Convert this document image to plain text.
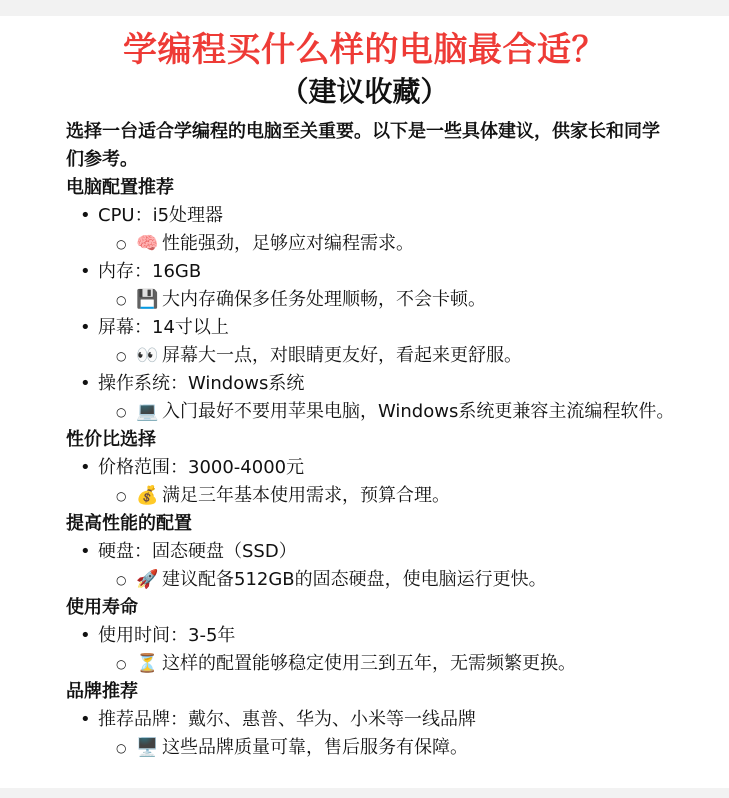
学编程买什么样的电脑最合适？
（建议收藏）
选择一台适合学编程的电脑至关重要。以下是一些具体建议，供家长和同学们参考。
电脑配置推荐
• CPU：i5处理器
○ 🧠 性能强劲，足够应对编程需求。
• 内存：16GB
○ 💾 大内存确保多任务处理顺畅，不会卡顿。
• 屏幕：14寸以上
○ 👀 屏幕大一点，对眼睛更友好，看起来更舒服。
• 操作系统：Windows系统
○ 💻 入门最好不要用苹果电脑，Windows系统更兼容主流编程软件。
性价比选择
• 价格范围：3000-4000元
○ 💰 满足三年基本使用需求，预算合理。
提高性能的配置
• 硬盘：固态硬盘（SSD）
○ 🚀 建议配备512GB的固态硬盘，使电脑运行更快。
使用寿命
• 使用时间：3-5年
○ ⏳ 这样的配置能够稳定使用三到五年，无需频繁更换。
品牌推荐
• 推荐品牌：戴尔、惠普、华为、小米等一线品牌
○ 🖥️ 这些品牌质量可靠，售后服务有保障。
